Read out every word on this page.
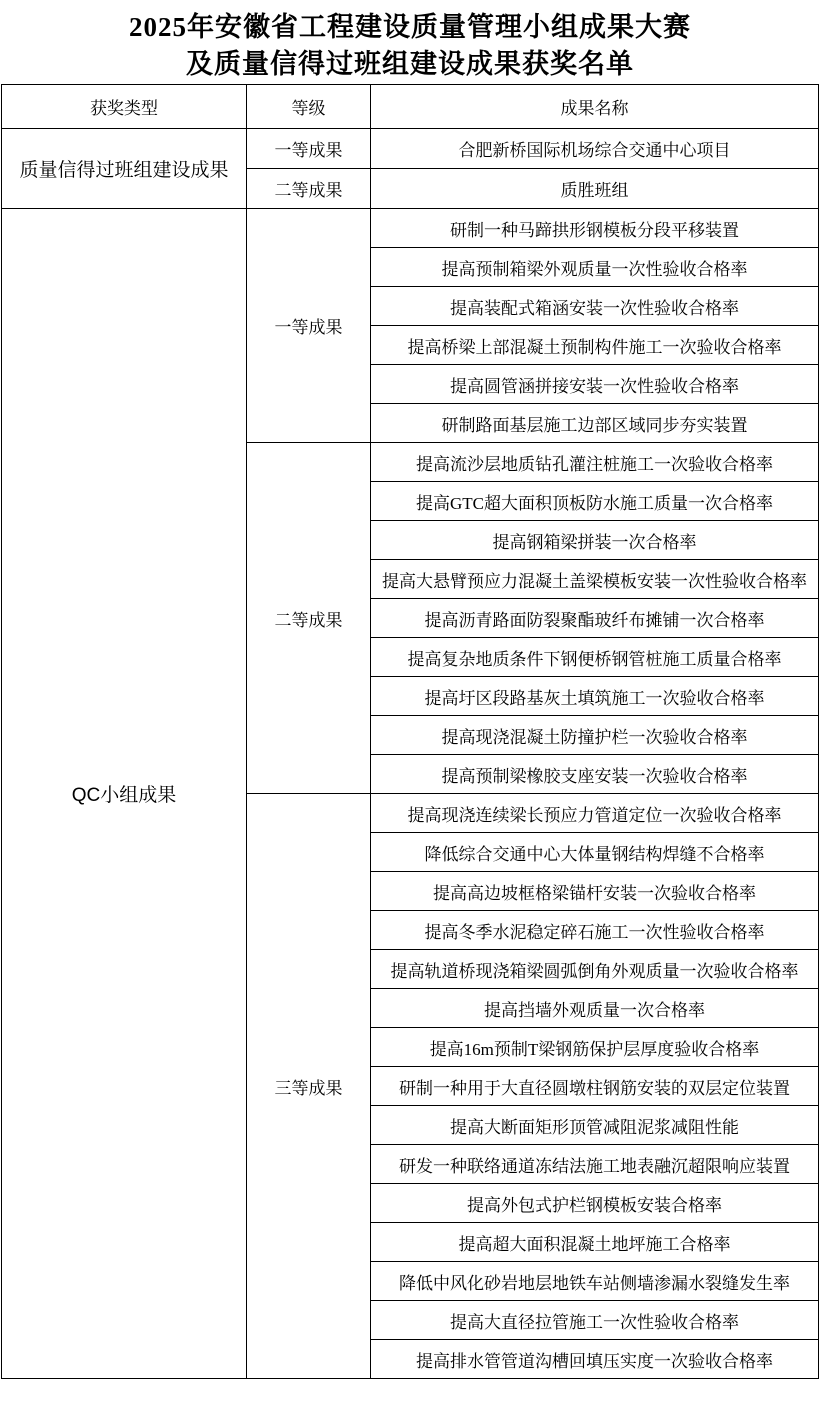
2025年安徽省工程建设质量管理小组成果大赛
及质量信得过班组建设成果获奖名单
获奖类型	等级	成果名称
质量信得过班组建设成果	一等成果	合肥新桥国际机场综合交通中心项目
	二等成果	质胜班组
QC小组成果	一等成果	研制一种马蹄拱形钢模板分段平移装置
		提高预制箱梁外观质量一次性验收合格率
		提高装配式箱涵安装一次性验收合格率
		提高桥梁上部混凝土预制构件施工一次验收合格率
		提高圆管涵拼接安装一次性验收合格率
		研制路面基层施工边部区域同步夯实装置
	二等成果	提高流沙层地质钻孔灌注桩施工一次验收合格率
		提高GTC超大面积顶板防水施工质量一次合格率
		提高钢箱梁拼装一次合格率
		提高大悬臂预应力混凝土盖梁模板安装一次性验收合格率
		提高沥青路面防裂聚酯玻纤布摊铺一次合格率
		提高复杂地质条件下钢便桥钢管桩施工质量合格率
		提高圩区段路基灰土填筑施工一次验收合格率
		提高现浇混凝土防撞护栏一次验收合格率
		提高预制梁橡胶支座安装一次验收合格率
	三等成果	提高现浇连续梁长预应力管道定位一次验收合格率
		降低综合交通中心大体量钢结构焊缝不合格率
		提高高边坡框格梁锚杆安装一次验收合格率
		提高冬季水泥稳定碎石施工一次性验收合格率
		提高轨道桥现浇箱梁圆弧倒角外观质量一次验收合格率
		提高挡墙外观质量一次合格率
		提高16m预制T梁钢筋保护层厚度验收合格率
		研制一种用于大直径圆墩柱钢筋安装的双层定位装置
		提高大断面矩形顶管减阻泥浆减阻性能
		研发一种联络通道冻结法施工地表融沉超限响应装置
		提高外包式护栏钢模板安装合格率
		提高超大面积混凝土地坪施工合格率
		降低中风化砂岩地层地铁车站侧墙渗漏水裂缝发生率
		提高大直径拉管施工一次性验收合格率
		提高排水管管道沟槽回填压实度一次验收合格率
